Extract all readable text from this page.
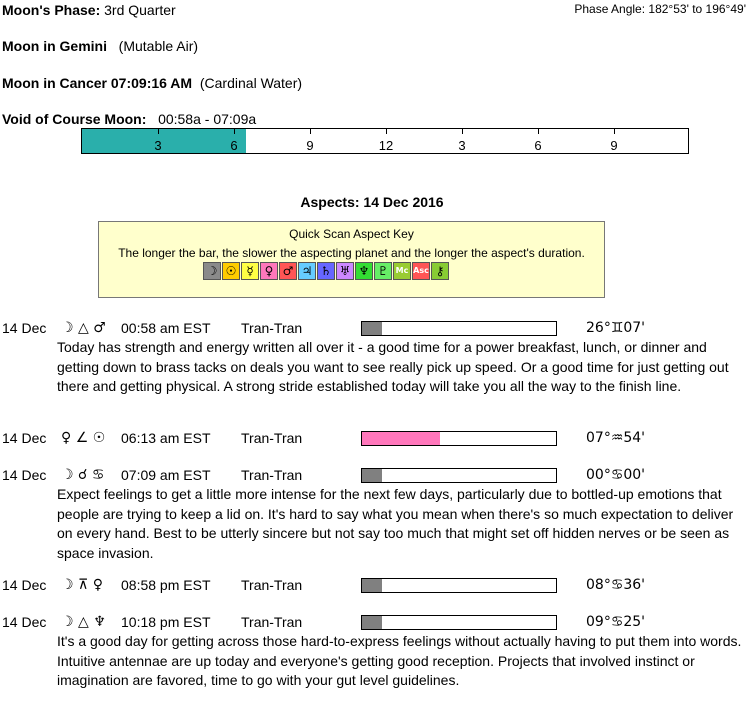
Moon's Phase: 3rd Quarter	Phase Angle: 182°53' to 196°49'
Moon in Gemini (Mutable Air)
Moon in Cancer 07:09:16 AM (Cardinal Water)
Void of Course Moon: 00:58a - 07:09a
3	6	9	12	3	6	9
Aspects: 14 Dec 2016
Quick Scan Aspect Key
The longer the bar, the slower the aspecting planet and the longer the aspect's duration.
☽ ☉ ☿ ♀ ♂ ♃ ♄ ♅ ♆ ♇ Mc Asc ⚷
14 Dec ☽ △ ♂ 00:58 am EST Tran-Tran	26°♊07'
Today has strength and energy written all over it - a good time for a power breakfast, lunch, or dinner and getting down to brass tacks on deals you want to see really pick up speed. Or a good time for just getting out there and getting physical. A strong stride established today will take you all the way to the finish line.
14 Dec ♀ ∠ ☉ 06:13 am EST Tran-Tran	07°♒54'
14 Dec ☽ ☌ ♋ 07:09 am EST Tran-Tran	00°♋00'
Expect feelings to get a little more intense for the next few days, particularly due to bottled-up emotions that people are trying to keep a lid on. It's hard to say what you mean when there's so much expectation to deliver on every hand. Best to be utterly sincere but not say too much that might set off hidden nerves or be seen as space invasion.
14 Dec ☽ ⊼ ♀ 08:58 pm EST Tran-Tran	08°♋36'
14 Dec ☽ △ ♆ 10:18 pm EST Tran-Tran	09°♋25'
It's a good day for getting across those hard-to-express feelings without actually having to put them into words. Intuitive antennae are up today and everyone's getting good reception. Projects that involved instinct or imagination are favored, time to go with your gut level guidelines.
